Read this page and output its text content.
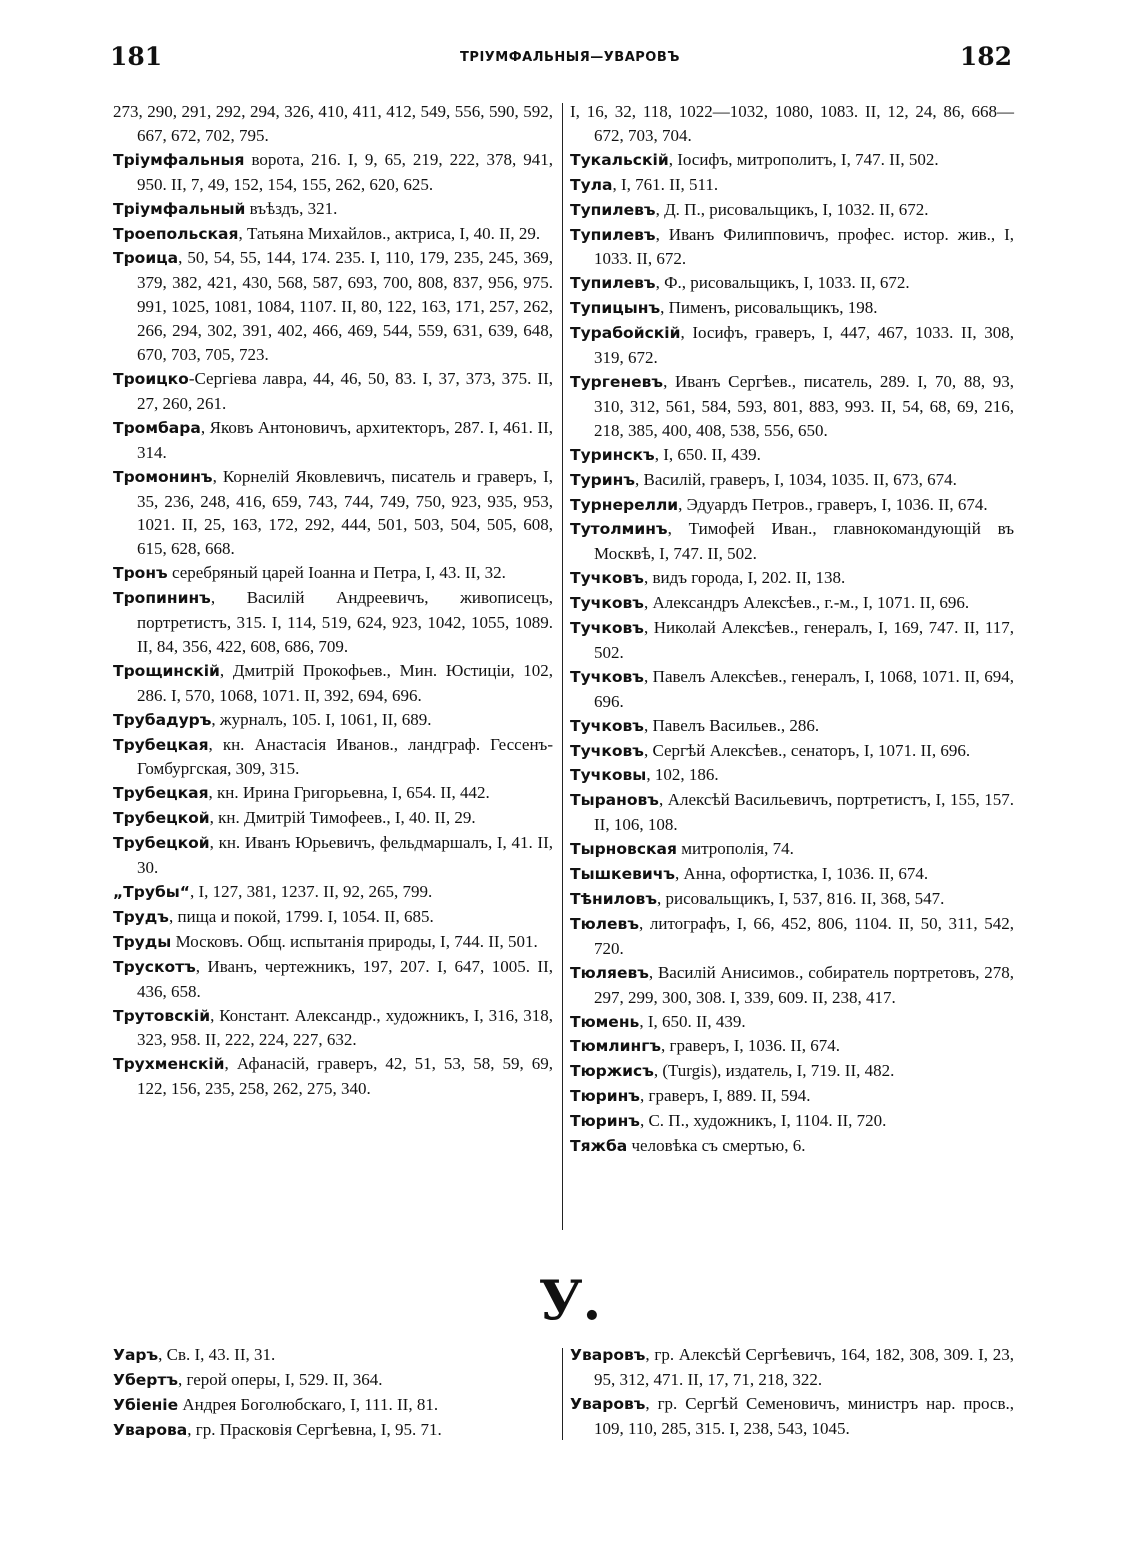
181	ТРІУМФАЛЬНЫЯ—УВАРОВЪ	182
273, 290, 291, 292, 294, 326, 410, 411, 412, 549, 556, 590, 592, 667, 672, 702, 795.
Тріумфальныя ворота, 216. I, 9, 65, 219, 222, 378, 941, 950. II, 7, 49, 152, 154, 155, 262, 620, 625.
Тріумфальный въѣздъ, 321.
Троепольская, Татьяна Михайлов., актриса, I, 40. II, 29.
Троица, 50, 54, 55, 144, 174. 235. I, 110, 179, 235, 245, 369, 379, 382, 421, 430, 568, 587, 693, 700, 808, 837, 956, 975. 991, 1025, 1081, 1084, 1107. II, 80, 122, 163, 171, 257, 262, 266, 294, 302, 391, 402, 466, 469, 544, 559, 631, 639, 648, 670, 703, 705, 723.
Троицко-Сергіева лавра, 44, 46, 50, 83. I, 37, 373, 375. II, 27, 260, 261.
Тромбара, Яковъ Антоновичъ, архитекторъ, 287. I, 461. II, 314.
Тромонинъ, Корнелій Яковлевичъ, писатель и граверъ, I, 35, 236, 248, 416, 659, 743, 744, 749, 750, 923, 935, 953, 1021. II, 25, 163, 172, 292, 444, 501, 503, 504, 505, 608, 615, 628, 668.
Тронъ серебряный царей Іоанна и Петра, I, 43. II, 32.
Тропининъ, Василій Андреевичъ, живописецъ, портретистъ, 315. I, 114, 519, 624, 923, 1042, 1055, 1089. II, 84, 356, 422, 608, 686, 709.
Трощинскій, Дмитрій Прокофьев., Мин. Юстиціи, 102, 286. I, 570, 1068, 1071. II, 392, 694, 696.
Трубадуръ, журналъ, 105. I, 1061, II, 689.
Трубецкая, кн. Анастасія Иванов., ландграф. Гессенъ-Гомбургская, 309, 315.
Трубецкая, кн. Ирина Григорьевна, I, 654. II, 442.
Трубецкой, кн. Дмитрій Тимофеев., I, 40. II, 29.
Трубецкой, кн. Иванъ Юрьевичъ, фельдмаршалъ, I, 41. II, 30.
„Трубы“, I, 127, 381, 1237. II, 92, 265, 799.
Трудъ, пища и покой, 1799. I, 1054. II, 685.
Труды Московъ. Общ. испытанія природы, I, 744. II, 501.
Трускотъ, Иванъ, чертежникъ, 197, 207. I, 647, 1005. II, 436, 658.
Трутовскій, Констант. Александр., художникъ, I, 316, 318, 323, 958. II, 222, 224, 227, 632.
Трухменскій, Афанасій, граверъ, 42, 51, 53, 58, 59, 69, 122, 156, 235, 258, 262, 275, 340.
I, 16, 32, 118, 1022—1032, 1080, 1083. II, 12, 24, 86, 668—672, 703, 704.
Тукальскій, Іосифъ, митрополитъ, I, 747. II, 502.
Тула, I, 761. II, 511.
Тупилевъ, Д. П., рисовальщикъ, I, 1032. II, 672.
Тупилевъ, Иванъ Филипповичъ, профес. истор. жив., I, 1033. II, 672.
Тупилевъ, Ф., рисовальщикъ, I, 1033. II, 672.
Тупицынъ, Пименъ, рисовальщикъ, 198.
Турабойскій, Іосифъ, граверъ, I, 447, 467, 1033. II, 308, 319, 672.
Тургеневъ, Иванъ Сергѣев., писатель, 289. I, 70, 88, 93, 310, 312, 561, 584, 593, 801, 883, 993. II, 54, 68, 69, 216, 218, 385, 400, 408, 538, 556, 650.
Туринскъ, I, 650. II, 439.
Туринъ, Василій, граверъ, I, 1034, 1035. II, 673, 674.
Турнерелли, Эдуардъ Петров., граверъ, I, 1036. II, 674.
Тутолминъ, Тимофей Иван., главнокомандующій въ Москвѣ, I, 747. II, 502.
Тучковъ, видъ города, I, 202. II, 138.
Тучковъ, Александръ Алексѣев., г.-м., I, 1071. II, 696.
Тучковъ, Николай Алексѣев., генералъ, I, 169, 747. II, 117, 502.
Тучковъ, Павелъ Алексѣев., генералъ, I, 1068, 1071. II, 694, 696.
Тучковъ, Павелъ Васильев., 286.
Тучковъ, Сергѣй Алексѣев., сенаторъ, I, 1071. II, 696.
Тучковы, 102, 186.
Тырановъ, Алексѣй Васильевичъ, портретистъ, I, 155, 157. II, 106, 108.
Тырновская митрополія, 74.
Тышкевичъ, Анна, офортистка, I, 1036. II, 674.
Тѣниловъ, рисовальщикъ, I, 537, 816. II, 368, 547.
Тюлевъ, литографъ, I, 66, 452, 806, 1104. II, 50, 311, 542, 720.
Тюляевъ, Василій Анисимов., собиратель портретовъ, 278, 297, 299, 300, 308. I, 339, 609. II, 238, 417.
Тюмень, I, 650. II, 439.
Тюмлингъ, граверъ, I, 1036. II, 674.
Тюржисъ, (Turgis), издатель, I, 719. II, 482.
Тюринъ, граверъ, I, 889. II, 594.
Тюринъ, С. П., художникъ, I, 1104. II, 720.
Тяжба человѣка съ смертью, 6.
У.
Уаръ, Св. I, 43. II, 31.
Убертъ, герой оперы, I, 529. II, 364.
Убіеніе Андрея Боголюбскаго, I, 111. II, 81.
Уварова, гр. Прасковія Сергѣевна, I, 95. 71.
Уваровъ, гр. Алексѣй Сергѣевичъ, 164, 182, 308, 309. I, 23, 95, 312, 471. II, 17, 71, 218, 322.
Уваровъ, гр. Сергѣй Семеновичъ, министръ нар. просв., 109, 110, 285, 315. I, 238, 543, 1045.
